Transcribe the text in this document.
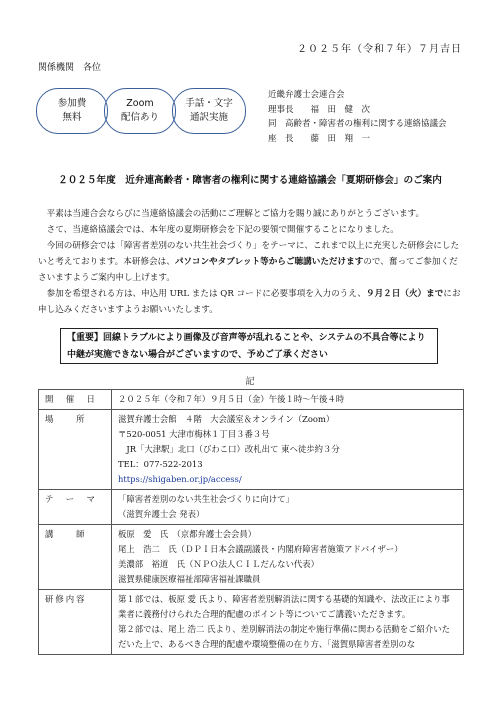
２０２５年（令和７年）７月吉日
関係機関　各位
参加費
無料
Zoom
配信あり
手話・文字
通訳実施
近畿弁護士会連合会
理事長　　福　田　健　次
同　高齢者・障害者の権利に関する連絡協議会
座　長　　藤　田　翔　一
２０２５年度　近弁連高齢者・障害者の権利に関する連絡協議会「夏期研修会」のご案内

平素は当連合会ならびに当連絡協議会の活動にご理解とご協力を賜り誠にありがとうございます。

さて、当連絡協議会では、本年度の夏期研修会を下記の要領で開催することになりました。

今回の研修会では「障害者差別のない共生社会づくり」をテーマに、これまで以上に充実した研修会にしたいと考えております。本研修会は、パソコンやタブレット等からご聴講いただけますので、奮ってご参加くださいますようご案内申し上げます。

参加を希望される方は、申込用 URL または QR コードに必要事項を入力のうえ、９月２日（火）までにお申し込みくださいますようお願いいたします。

【重要】回線トラブルにより画像及び音声等が乱れることや、システムの不具合等により中継が実施できない場合がございますので、予めご了承ください
記
開　催　日	２０２５年（令和７年）９月５日（金）午後１時〜午後４時

場　　所	滋賀弁護士会館　４階　大会議室＆オンライン（Zoom）
〒520-0051 大津市梅林１丁目３番３号
　JR「大津駅」北口（びわこ口）改札出て 東へ徒歩約３分
TEL：077-522-2013
https://shigaben.or.jp/access/

テ　ー　マ	「障害者差別のない共生社会づくりに向けて」
（滋賀弁護士会 発表）

講　　師	板原　愛　氏　（京都弁護士会会員）
尾上　浩二　氏（ＤＰＩ日本会議副議長・内閣府障害者施策アドバイザー）
美濃部　裕道　氏（ＮＰＯ法人ＣＩＬだんない代表）
滋賀県健康医療福祉部障害福祉課職員

研修内容	第１部では、板原 愛 氏より、障害者差別解消法に関する基礎的知識や、法改正により事業者に義務付けられた合理的配慮のポイント等についてご講義いただきます。
第２部では、尾上 浩二 氏より、差別解消法の制定や施行準備に関わる活動をご紹介いただいた上で、あるべき合理的配慮や環境整備の在り方、「滋賀県障害者差別のな
